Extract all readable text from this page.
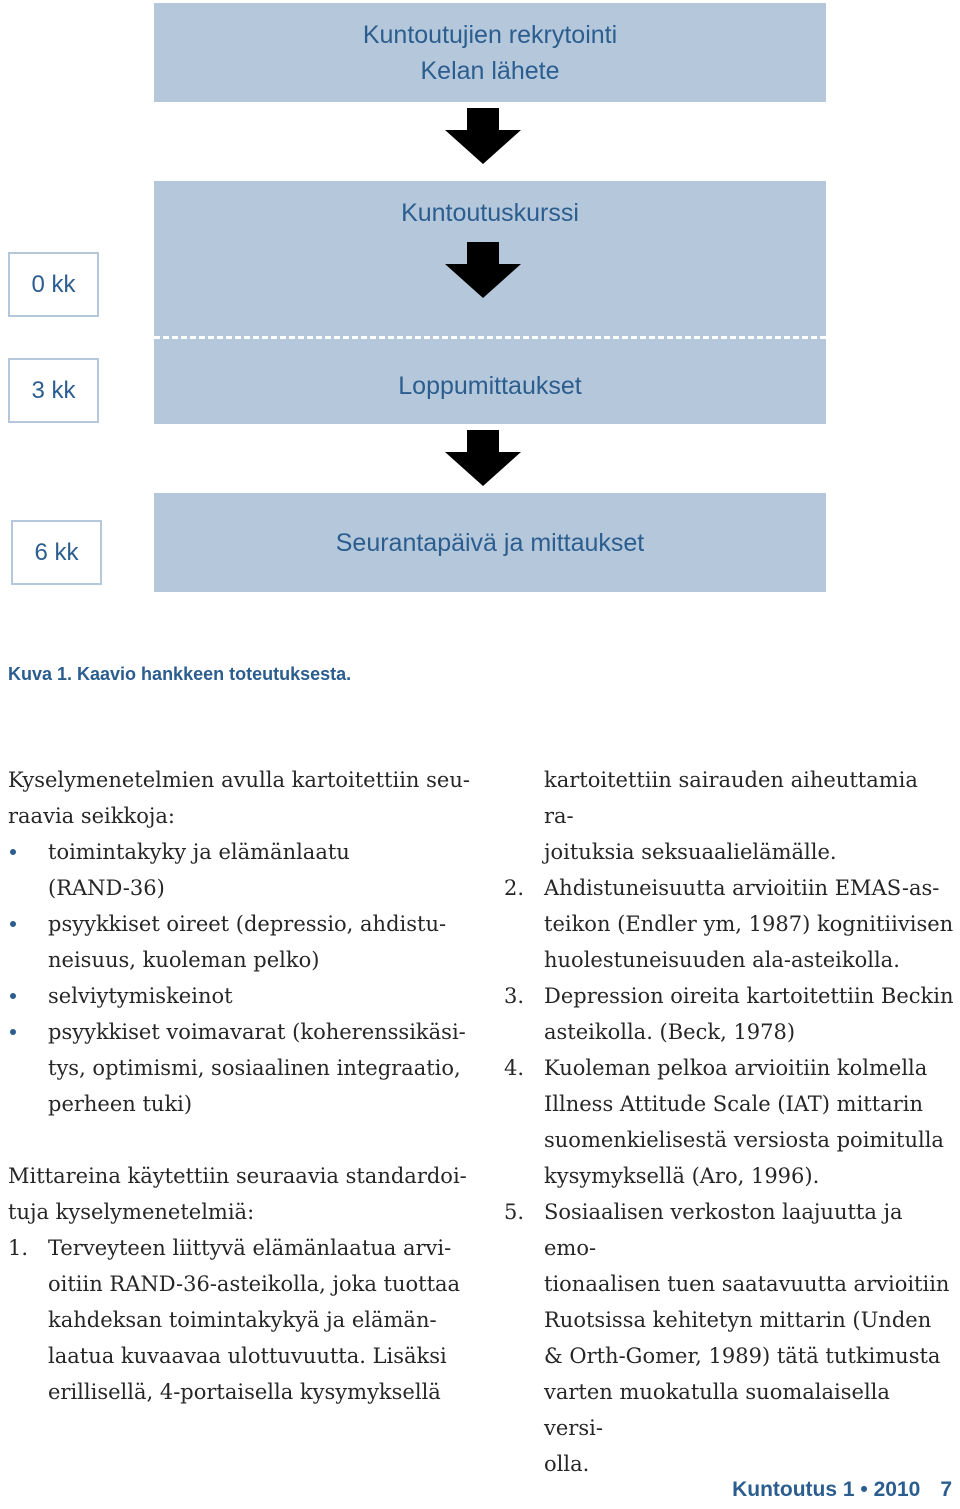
Kuntoutujien rekrytointi
Kelan lähete
Kuntoutuskurssi
Loppumittaukset
Seurantapäivä ja mittaukset
0 kk
3 kk
6 kk
Kuva 1. Kaavio hankkeen toteutuksesta.

Kyselymenetelmien avulla kartoitettiin seu-

raavia seikkoja:

toimintakyky ja elämänlaatu

(RAND-36)

psyykkiset oireet (depressio, ahdistu-

neisuus, kuoleman pelko)

selviytymiskeinot

psyykkiset voimavarat (koherenssikäsi-

tys, optimismi, sosiaalinen integraatio,

perheen tuki)

Mittareina käytettiin seuraavia standardoi-

tuja kyselymenetelmiä:

1. Terveyteen liittyvä elämänlaatua arvi-

oitiin RAND-36-asteikolla, joka tuottaa

kahdeksan toimintakykyä ja elämän-

laatua kuvaavaa ulottuvuutta. Lisäksi

erillisellä, 4-portaisella kysymyksellä

kartoitettiin sairauden aiheuttamia ra-

joituksia seksuaalielämälle.

2. Ahdistuneisuutta arvioitiin EMAS-as-

teikon (Endler ym, 1987) kognitiivisen

huolestuneisuuden ala-asteikolla.

3. Depression oireita kartoitettiin Beckin

asteikolla. (Beck, 1978)

4. Kuoleman pelkoa arvioitiin kolmella

Illness Attitude Scale (IAT) mittarin

suomenkielisestä versiosta poimitulla

kysymyksellä (Aro, 1996).

5. Sosiaalisen verkoston laajuutta ja emo-

tionaalisen tuen saatavuutta arvioitiin

Ruotsissa kehitetyn mittarin (Unden

& Orth-Gomer, 1989) tätä tutkimusta

varten muokatulla suomalaisella versi-

olla.

Kuntoutus 1 • 2010 7
